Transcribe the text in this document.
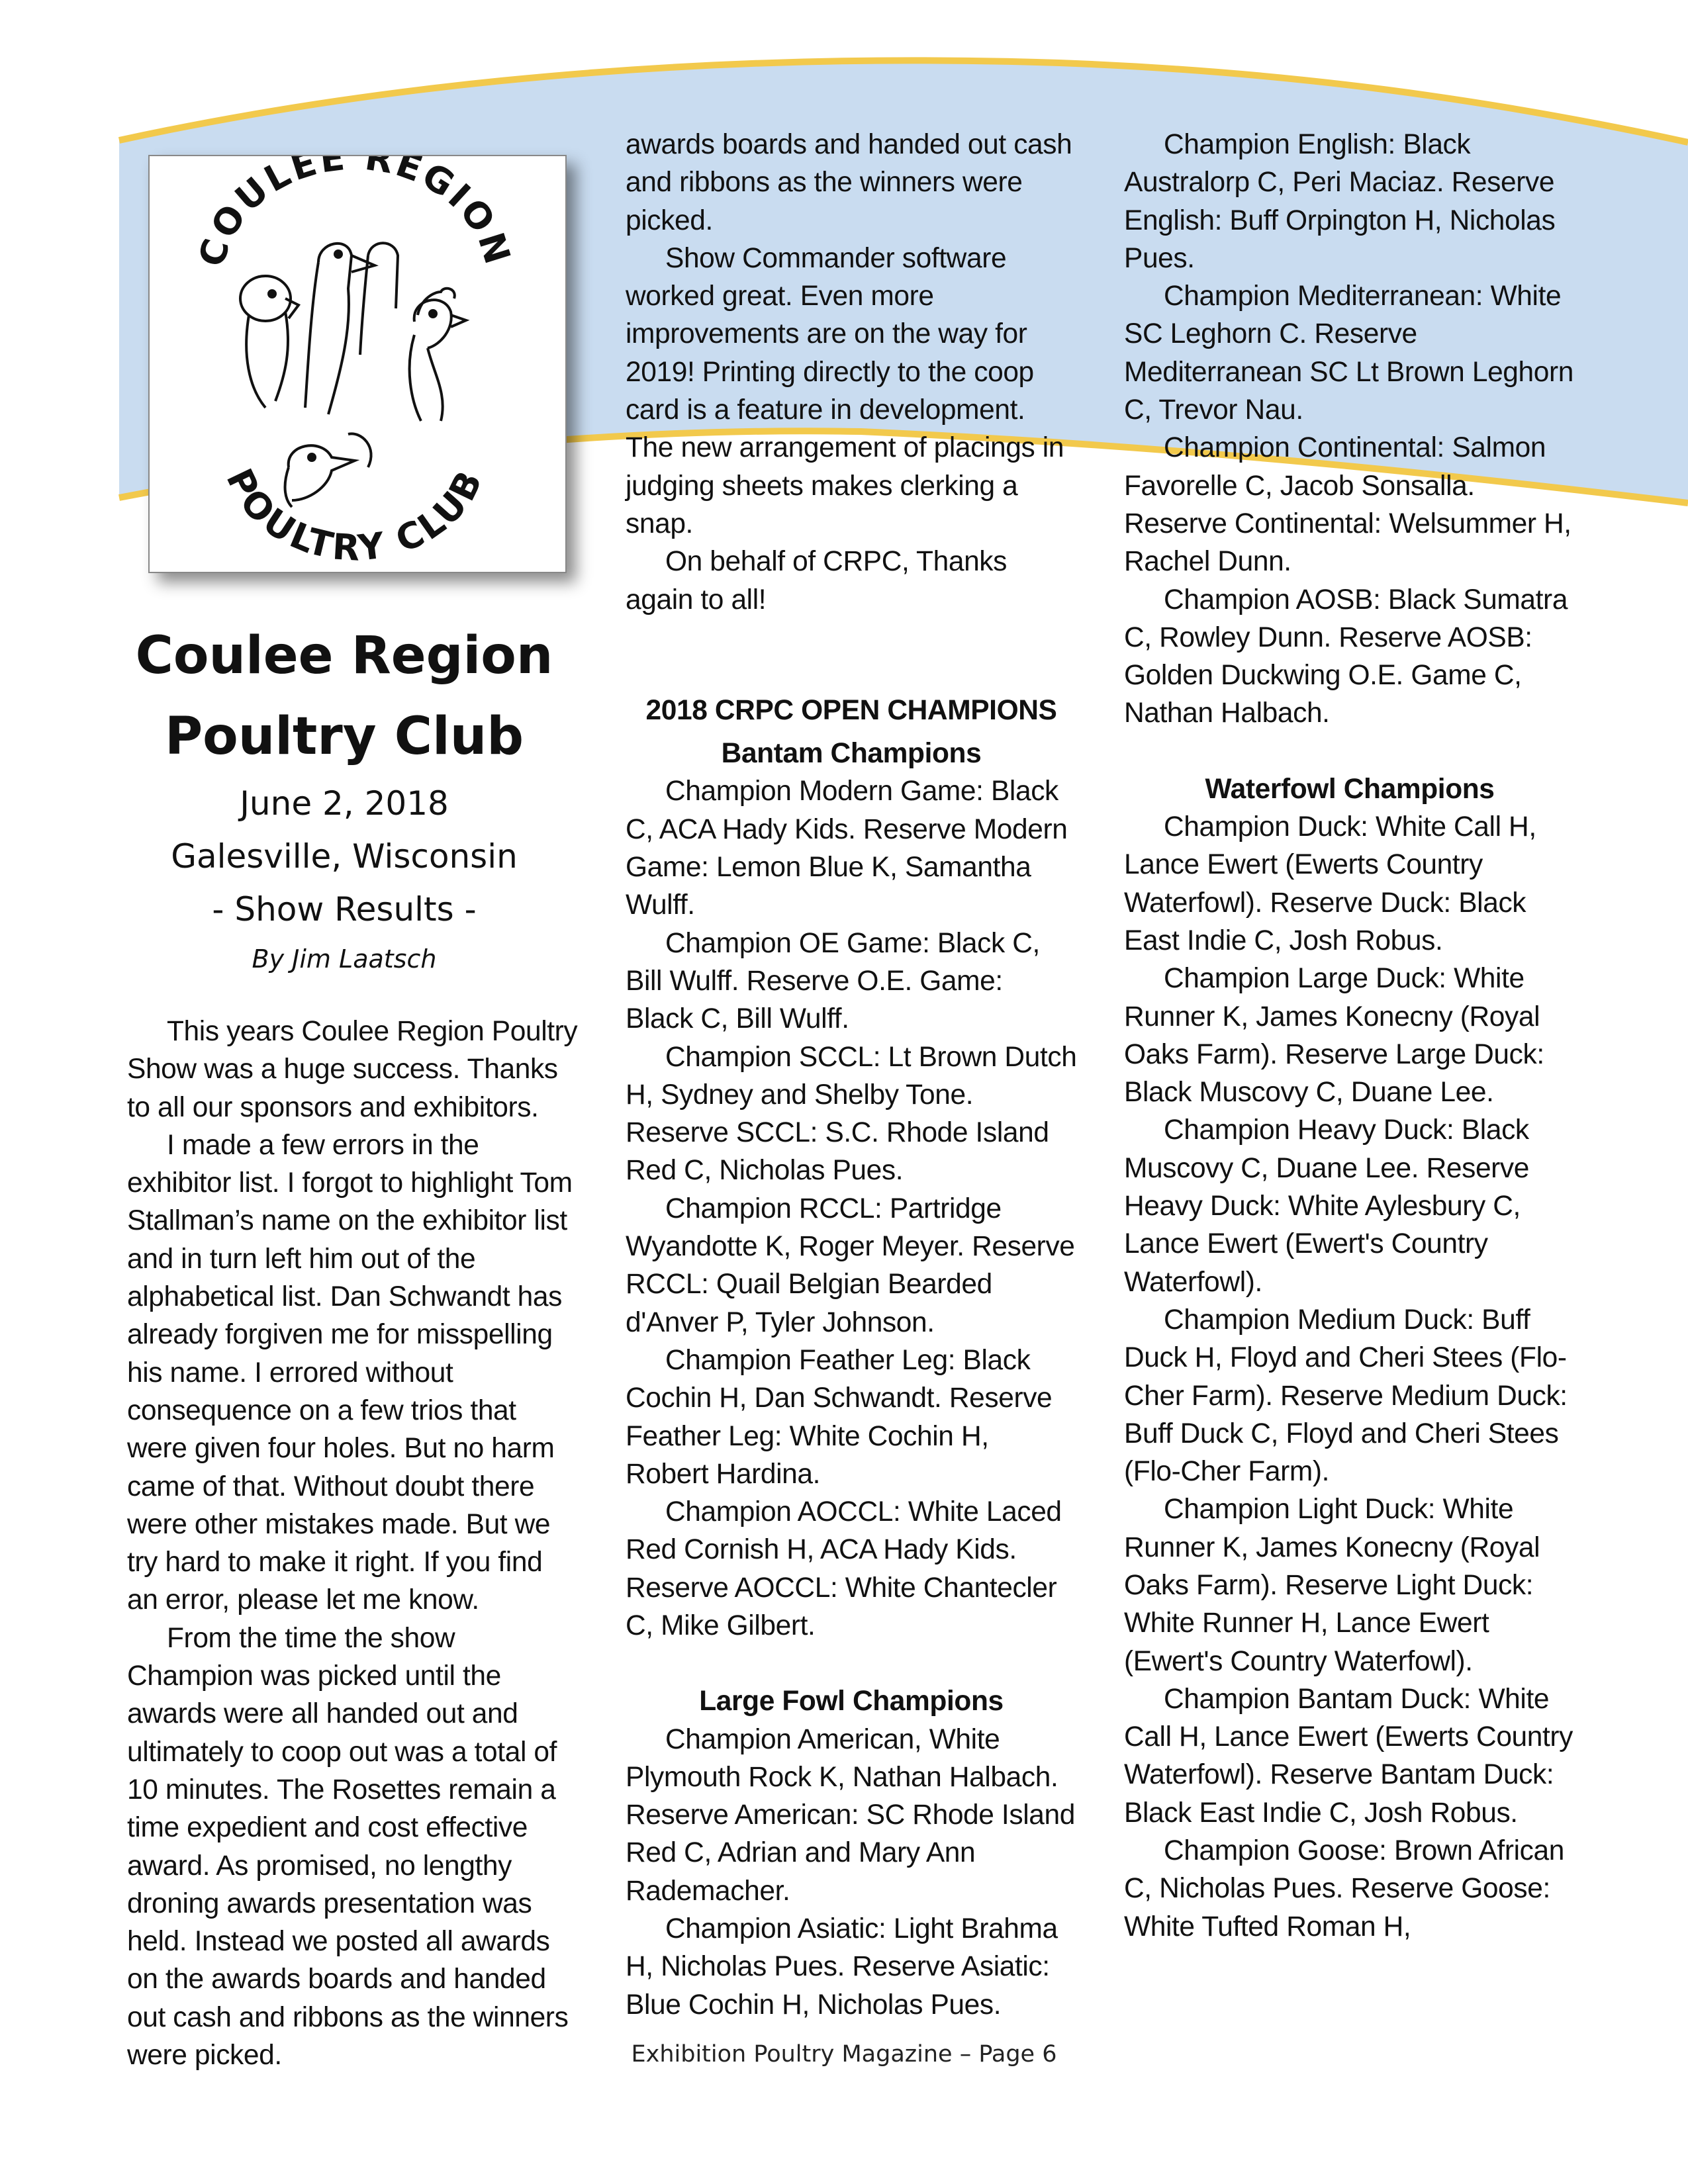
COULEE REGION
POULTRY CLUB
Coulee Region
Poultry Club

June 2, 2018

Galesville, Wisconsin

- Show Results -

By Jim Laatsch

This years Coulee Region Poultry Show was a huge success. Thanks to all our sponsors and exhibitors.

I made a few errors in the exhibitor list. I forgot to highlight Tom Stallman’s name on the exhibitor list and in turn left him out of the alphabetical list. Dan Schwandt has already forgiven me for misspelling his name. I errored without consequence on a few trios that were given four holes. But no harm came of that. Without doubt there were other mistakes made. But we try hard to make it right. If you find an error, please let me know.

From the time the show Champion was picked until the awards were all handed out and ultimately to coop out was a total of 10 minutes. The Rosettes remain a time expedient and cost effective award. As promised, no lengthy droning awards presentation was held. Instead we posted all awards on the awards boards and handed out cash and ribbons as the winners were picked.

awards boards and handed out cash and ribbons as the winners were picked.

Show Commander software worked great. Even more improvements are on the way for 2019! Printing directly to the coop card is a feature in development. The new arrangement of placings in judging sheets makes clerking a snap.

On behalf of CRPC, Thanks again to all!

2018 CRPC OPEN CHAMPIONS

Bantam Champions

Champion Modern Game: Black C, ACA Hady Kids. Reserve Modern Game: Lemon Blue K, Samantha Wulff.

Champion OE Game: Black C, Bill Wulff. Reserve O.E. Game: Black C, Bill Wulff.

Champion SCCL: Lt Brown Dutch H, Sydney and Shelby Tone. Reserve SCCL: S.C. Rhode Island Red C, Nicholas Pues.

Champion RCCL: Partridge Wyandotte K, Roger Meyer. Reserve RCCL: Quail Belgian Bearded d'Anver P, Tyler Johnson.

Champion Feather Leg: Black Cochin H, Dan Schwandt. Reserve Feather Leg: White Cochin H, Robert Hardina.

Champion AOCCL: White Laced Red Cornish H, ACA Hady Kids. Reserve AOCCL: White Chantecler C, Mike Gilbert.

Large Fowl Champions

Champion American, White Plymouth Rock K, Nathan Halbach. Reserve American: SC Rhode Island Red C, Adrian and Mary Ann Rademacher.

Champion Asiatic: Light Brahma H, Nicholas Pues. Reserve Asiatic: Blue Cochin H, Nicholas Pues.

Champion English: Black Australorp C, Peri Maciaz. Reserve English: Buff Orpington H, Nicholas Pues.

Champion Mediterranean: White SC Leghorn C. Reserve Mediterranean SC Lt Brown Leghorn C, Trevor Nau.

Champion Continental: Salmon Favorelle C, Jacob Sonsalla. Reserve Continental: Welsummer H, Rachel Dunn.

Champion AOSB: Black Sumatra C, Rowley Dunn. Reserve AOSB: Golden Duckwing O.E. Game C, Nathan Halbach.

Waterfowl Champions

Champion Duck: White Call H, Lance Ewert (Ewerts Country Waterfowl). Reserve Duck: Black East Indie C, Josh Robus.

Champion Large Duck: White Runner K, James Konecny (Royal Oaks Farm). Reserve Large Duck: Black Muscovy C, Duane Lee.

Champion Heavy Duck: Black Muscovy C, Duane Lee. Reserve Heavy Duck: White Aylesbury C, Lance Ewert (Ewert's Country Waterfowl).

Champion Medium Duck: Buff Duck H, Floyd and Cheri Stees (Flo-Cher Farm). Reserve Medium Duck: Buff Duck C, Floyd and Cheri Stees (Flo-Cher Farm).

Champion Light Duck: White Runner K, James Konecny (Royal Oaks Farm). Reserve Light Duck: White Runner H, Lance Ewert (Ewert's Country Waterfowl).

Champion Bantam Duck: White Call H, Lance Ewert (Ewerts Country Waterfowl). Reserve Bantam Duck: Black East Indie C, Josh Robus.

Champion Goose: Brown African C, Nicholas Pues. Reserve Goose: White Tufted Roman H,

Exhibition Poultry Magazine – Page 6
